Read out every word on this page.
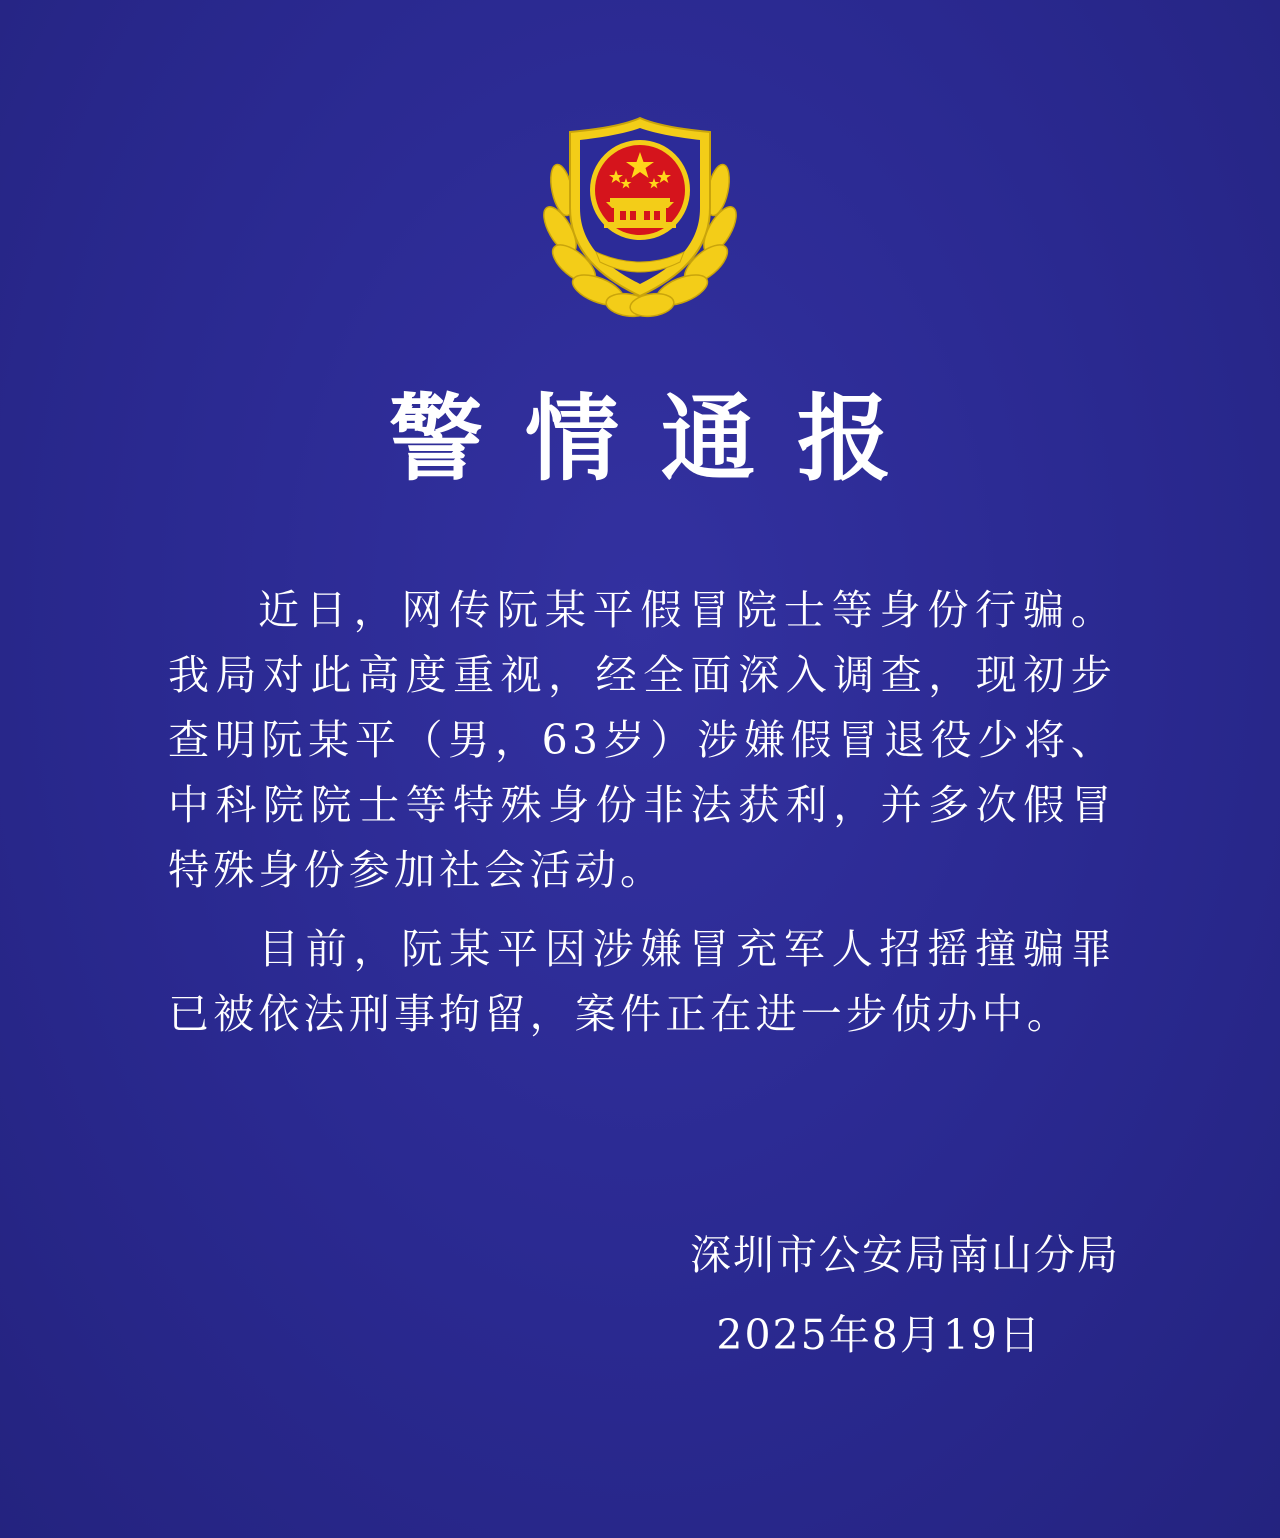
警情通报

近日，网传阮某平假冒院士等身份行骗。我局对此高度重视，经全面深入调查，现初步查明阮某平（男，63岁）涉嫌假冒退役少将、中科院院士等特殊身份非法获利，并多次假冒特殊身份参加社会活动。

目前，阮某平因涉嫌冒充军人招摇撞骗罪已被依法刑事拘留，案件正在进一步侦办中。

深圳市公安局南山分局
2025年8月19日
